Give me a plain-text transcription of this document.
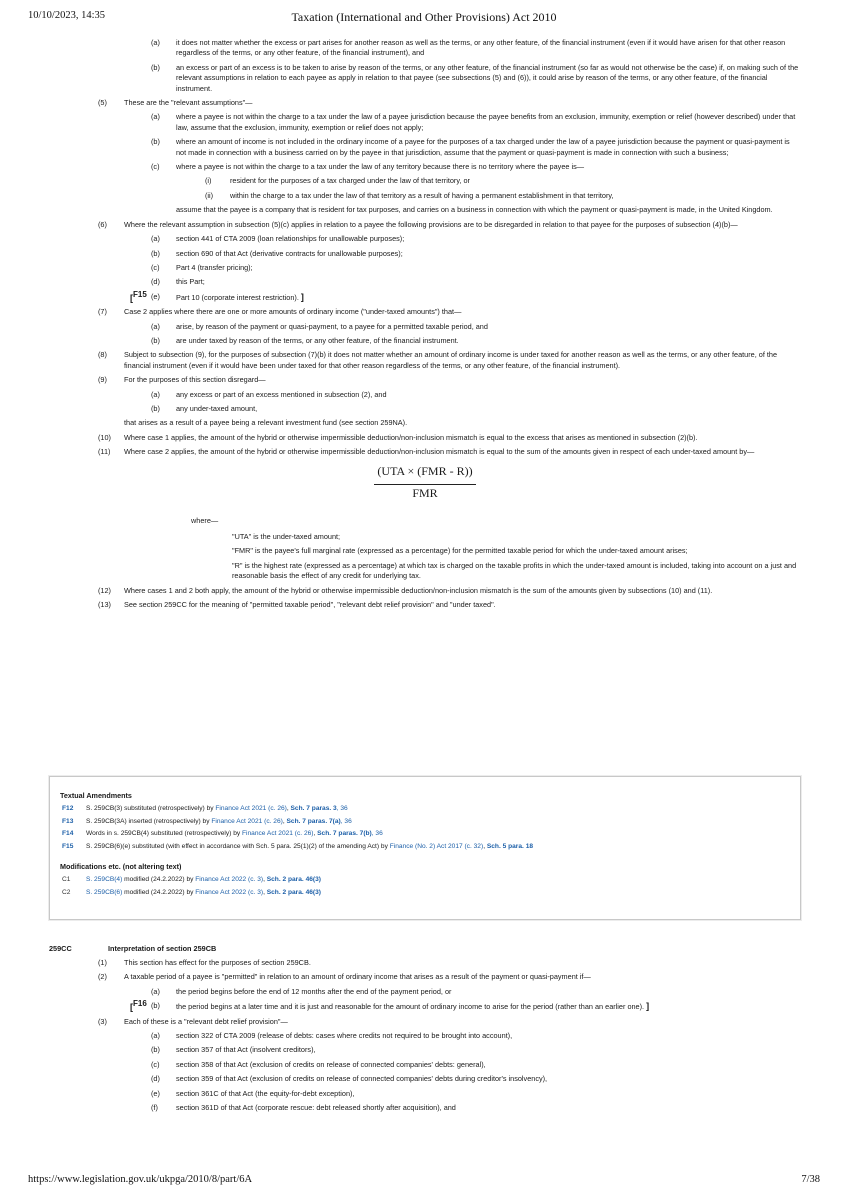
10/10/2023, 14:35	Taxation (International and Other Provisions) Act 2010
(a) it does not matter whether the excess or part arises for another reason as well as the terms, or any other feature, of the financial instrument (even if it would have arisen for that other reason regardless of the terms, or any other feature, of the financial instrument), and
(b) an excess or part of an excess is to be taken to arise by reason of the terms, or any other feature, of the financial instrument (so far as would not otherwise be the case) if, on making such of the relevant assumptions in relation to each payee as apply in relation to that payee (see subsections (5) and (6)), it could arise by reason of the terms, or any other feature, of the financial instrument.
(5) These are the "relevant assumptions"—
(a) where a payee is not within the charge to a tax under the law of a payee jurisdiction because the payee benefits from an exclusion, immunity, exemption or relief (however described) under that law, assume that the exclusion, immunity, exemption or relief does not apply;
(b) where an amount of income is not included in the ordinary income of a payee for the purposes of a tax charged under the law of a payee jurisdiction because the payment or quasi-payment is not made in connection with a business carried on by the payee in that jurisdiction, assume that the payment or quasi-payment is made in connection with such a business;
(c) where a payee is not within the charge to a tax under the law of any territory because there is no territory where the payee is—
(i)	resident for the purposes of a tax charged under the law of that territory, or
(ii) within the charge to a tax under the law of that territory as a result of having a permanent establishment in that territory,
assume that the payee is a company that is resident for tax purposes, and carries on a business in connection with which the payment or quasi-payment is made, in the United Kingdom.
(6) Where the relevant assumption in subsection (5)(c) applies in relation to a payee the following provisions are to be disregarded in relation to that payee for the purposes of subsection (4)(b)—
(a) section 441 of CTA 2009 (loan relationships for unallowable purposes);
(b) section 690 of that Act (derivative contracts for unallowable purposes);
(c) Part 4 (transfer pricing);
(d) this Part;
[$^{F15}$ (e) Part 10 (corporate interest restriction). ]
(7) Case 2 applies where there are one or more amounts of ordinary income ("under-taxed amounts") that—
(a) arise, by reason of the payment or quasi-payment, to a payee for a permitted taxable period, and
(b) are under taxed by reason of the terms, or any other feature, of the financial instrument.
(8) Subject to subsection (9), for the purposes of subsection (7)(b) it does not matter whether an amount of ordinary income is under taxed for another reason as well as the terms, or any other feature, of the financial instrument (even if it would have been under taxed for that other reason regardless of the terms, or any other feature, of the financial instrument).
(9) For the purposes of this section disregard—
(a) any excess or part of an excess mentioned in subsection (2), and
(b) any under-taxed amount,
that arises as a result of a payee being a relevant investment fund (see section 259NA).
(10) Where case 1 applies, the amount of the hybrid or otherwise impermissible deduction/non-inclusion mismatch is equal to the excess that arises as mentioned in subsection (2)(b).
(11) Where case 2 applies, the amount of the hybrid or otherwise impermissible deduction/non-inclusion mismatch is equal to the sum of the amounts given in respect of each under-taxed amount by—
(UTA × (FMR - R))
FMR
where—
"UTA" is the under-taxed amount;
"FMR" is the payee's full marginal rate (expressed as a percentage) for the permitted taxable period for which the under-taxed amount arises;
"R" is the highest rate (expressed as a percentage) at which tax is charged on the taxable profits in which the under-taxed amount is included, taking into account on a just and reasonable basis the effect of any credit for underlying tax.
(12) Where cases 1 and 2 both apply, the amount of the hybrid or otherwise impermissible deduction/non-inclusion mismatch is the sum of the amounts given by subsections (10) and (11).
(13) See section 259CC for the meaning of "permitted taxable period", "relevant debt relief provision" and "under taxed".
Textual Amendments
F12 S. 259CB(3) substituted (retrospectively) by Finance Act 2021 (c. 26), Sch. 7 paras. 3, 36
F13 S. 259CB(3A) inserted (retrospectively) by Finance Act 2021 (c. 26), Sch. 7 paras. 7(a), 36
F14 Words in s. 259CB(4) substituted (retrospectively) by Finance Act 2021 (c. 26), Sch. 7 paras. 7(b), 36
F15 S. 259CB(6)(e) substituted (with effect in accordance with Sch. 5 para. 25(1)(2) of the amending Act) by Finance (No. 2) Act 2017 (c. 32), Sch. 5 para. 18
Modifications etc. (not altering text)
C1 S. 259CB(4) modified (24.2.2022) by Finance Act 2022 (c. 3), Sch. 2 para. 46(3)
C2 S. 259CB(6) modified (24.2.2022) by Finance Act 2022 (c. 3), Sch. 2 para. 46(3)
259CC	Interpretation of section 259CB
(1) This section has effect for the purposes of section 259CB.
(2) A taxable period of a payee is "permitted" in relation to an amount of ordinary income that arises as a result of the payment or quasi-payment if—
(a) the period begins before the end of 12 months after the end of the payment period, or
[$^{F16}$ (b) the period begins at a later time and it is just and reasonable for the amount of ordinary income to arise for the period (rather than an earlier one). ]
(3) Each of these is a "relevant debt relief provision"—
(a) section 322 of CTA 2009 (release of debts: cases where credits not required to be brought into account),
(b) section 357 of that Act (insolvent creditors),
(c) section 358 of that Act (exclusion of credits on release of connected companies' debts: general),
(d) section 359 of that Act (exclusion of credits on release of connected companies' debts during creditor's insolvency),
(e) section 361C of that Act (the equity-for-debt exception),
(f) section 361D of that Act (corporate rescue: debt released shortly after acquisition), and
https://www.legislation.gov.uk/ukpga/2010/8/part/6A	7/38
